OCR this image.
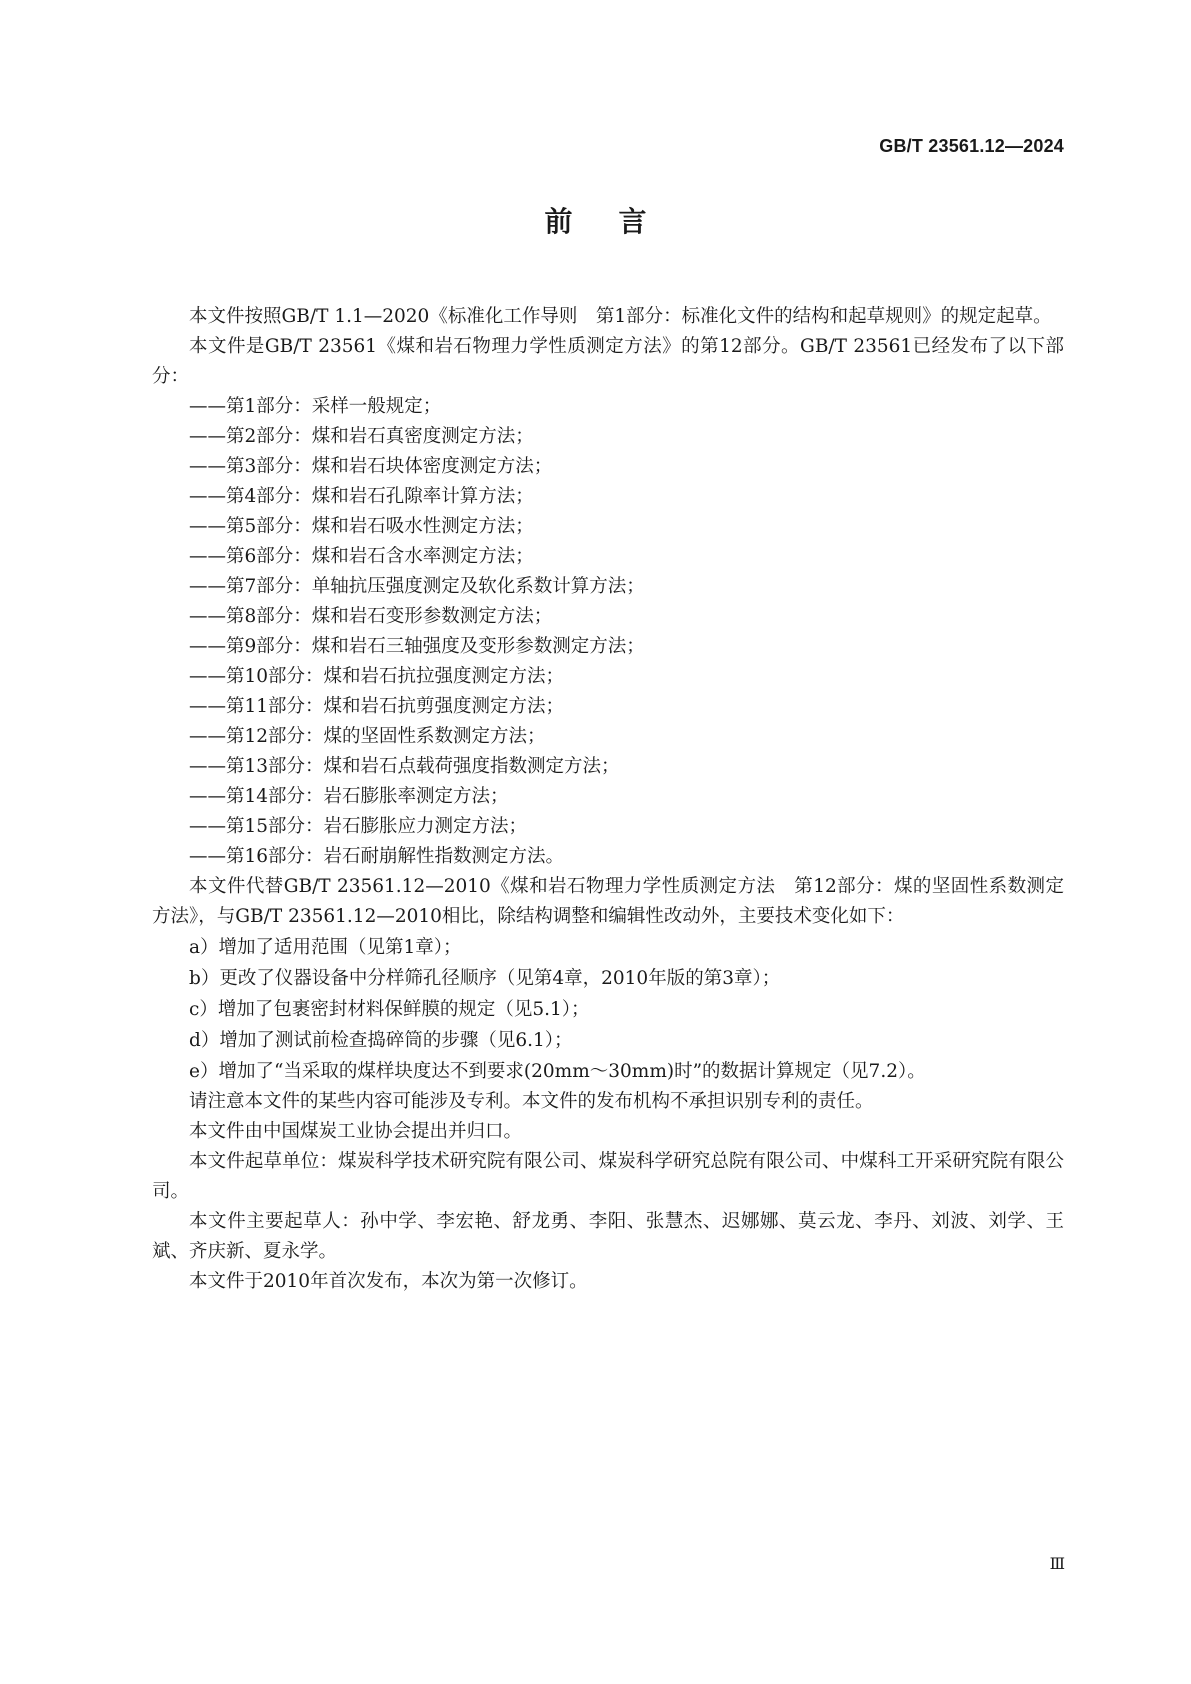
GB/T 23561.12—2024
前言

本文件按照GB/T 1.1—2020《标准化工作导则　第1部分：标准化文件的结构和起草规则》的规定起草。

本文件是GB/T 23561《煤和岩石物理力学性质测定方法》的第12部分。GB/T 23561已经发布了以下部分：

——第1部分：采样一般规定；

——第2部分：煤和岩石真密度测定方法；

——第3部分：煤和岩石块体密度测定方法；

——第4部分：煤和岩石孔隙率计算方法；

——第5部分：煤和岩石吸水性测定方法；

——第6部分：煤和岩石含水率测定方法；

——第7部分：单轴抗压强度测定及软化系数计算方法；

——第8部分：煤和岩石变形参数测定方法；

——第9部分：煤和岩石三轴强度及变形参数测定方法；

——第10部分：煤和岩石抗拉强度测定方法；

——第11部分：煤和岩石抗剪强度测定方法；

——第12部分：煤的坚固性系数测定方法；

——第13部分：煤和岩石点载荷强度指数测定方法；

——第14部分：岩石膨胀率测定方法；

——第15部分：岩石膨胀应力测定方法；

——第16部分：岩石耐崩解性指数测定方法。

本文件代替GB/T 23561.12—2010《煤和岩石物理力学性质测定方法　第12部分：煤的坚固性系数测定方法》，与GB/T 23561.12—2010相比，除结构调整和编辑性改动外，主要技术变化如下：

a）增加了适用范围（见第1章）；

b）更改了仪器设备中分样筛孔径顺序（见第4章，2010年版的第3章）；

c）增加了包裹密封材料保鲜膜的规定（见5.1）；

d）增加了测试前检查捣碎筒的步骤（见6.1）；

e）增加了“当采取的煤样块度达不到要求(20mm～30mm)时”的数据计算规定（见7.2）。

请注意本文件的某些内容可能涉及专利。本文件的发布机构不承担识别专利的责任。

本文件由中国煤炭工业协会提出并归口。

本文件起草单位：煤炭科学技术研究院有限公司、煤炭科学研究总院有限公司、中煤科工开采研究院有限公司。

本文件主要起草人：孙中学、李宏艳、舒龙勇、李阳、张慧杰、迟娜娜、莫云龙、李丹、刘波、刘学、王斌、齐庆新、夏永学。

本文件于2010年首次发布，本次为第一次修订。

Ⅲ
